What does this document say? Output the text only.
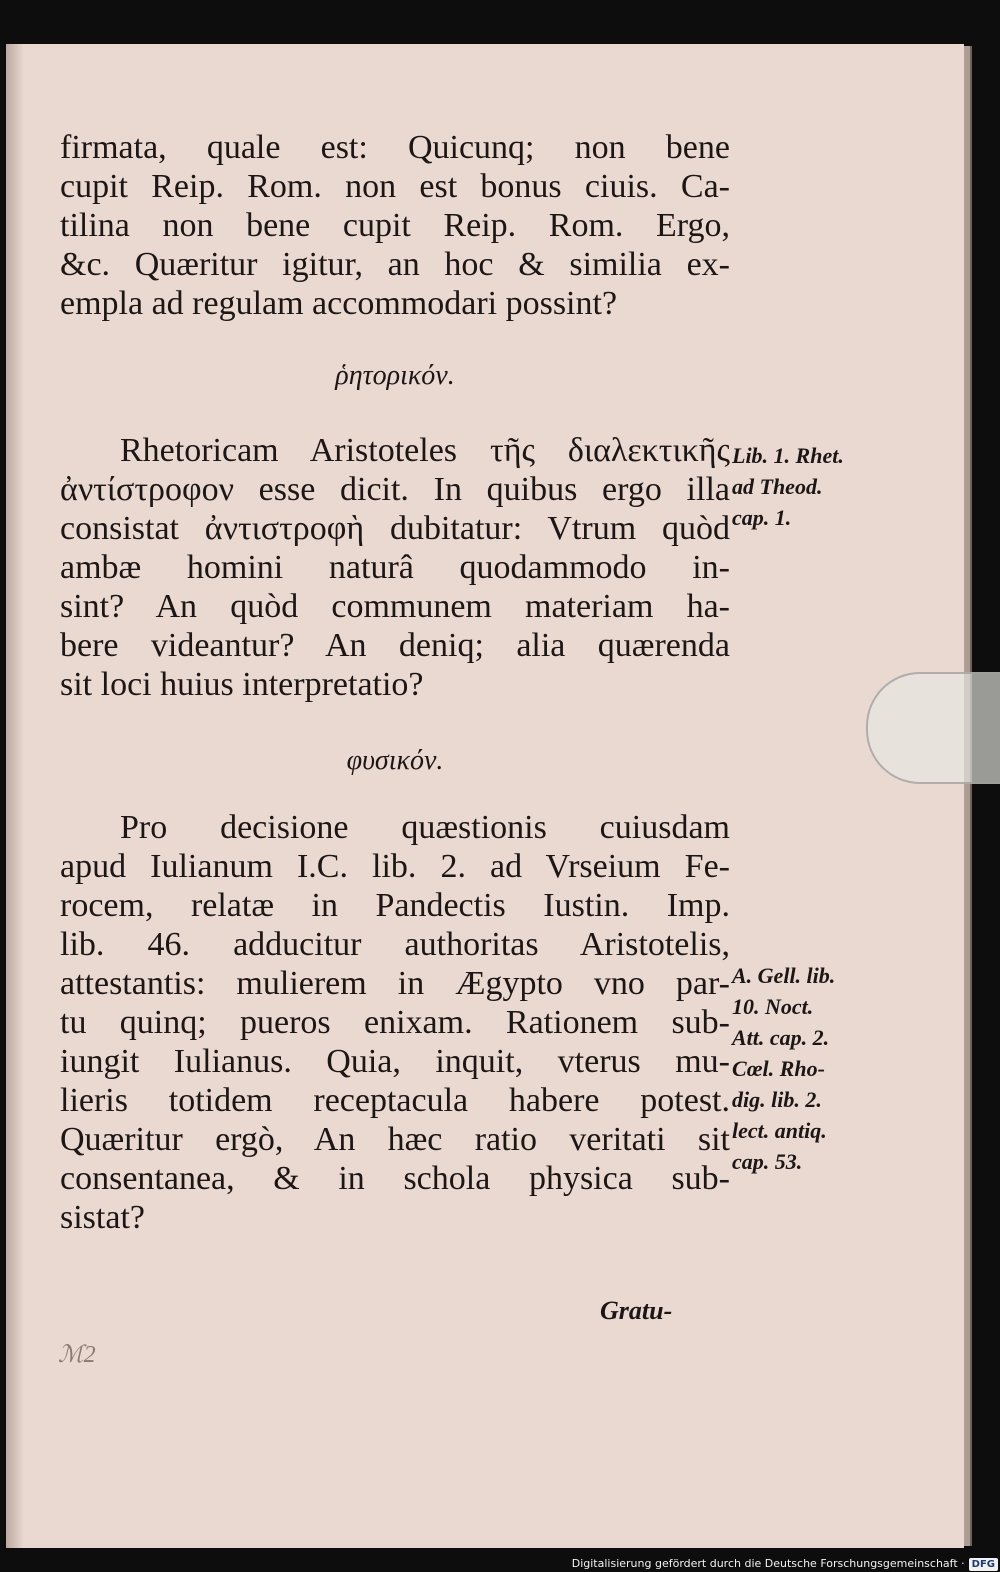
firmata, quale est: Quicunq; non bene
cupit Reip. Rom. non est bonus ciuis. Ca-
tilina non bene cupit Reip. Rom. Ergo,
&c. Quæritur igitur, an hoc & similia ex-
empla ad regulam accommodari possint?
ῥητορικόν.
Rhetoricam Aristoteles τῆς διαλεκτικῆς
ἀντίστροφον esse dicit. In quibus ergo illa
consistat ἀντιστροφὴ dubitatur: Vtrum quòd
ambæ homini naturâ quodammodo in-
sint? An quòd communem materiam ha-
bere videantur? An deniq; alia quærenda
sit loci huius interpretatio?
Lib. 1. Rhet.
ad Theod.
cap. 1.
φυσικόν.
Pro decisione quæstionis cuiusdam
apud Iulianum I.C. lib. 2. ad Vrseium Fe-
rocem, relatæ in Pandectis Iustin. Imp.
lib. 46. adducitur authoritas Aristotelis,
attestantis: mulierem in Ægypto vno par-
tu quinq; pueros enixam. Rationem sub-
iungit Iulianus. Quia, inquit, vterus mu-
lieris totidem receptacula habere potest.
Quæritur ergò, An hæc ratio veritati sit
consentanea, & in schola physica sub-
sistat?
A. Gell. lib.
10. Noct.
Att. cap. 2.
Cœl. Rho-
dig. lib. 2.
lect. antiq.
cap. 53.
Gratu-
ℳ2
Digitalisierung gefördert durch die Deutsche Forschungsgemeinschaft · DFG
